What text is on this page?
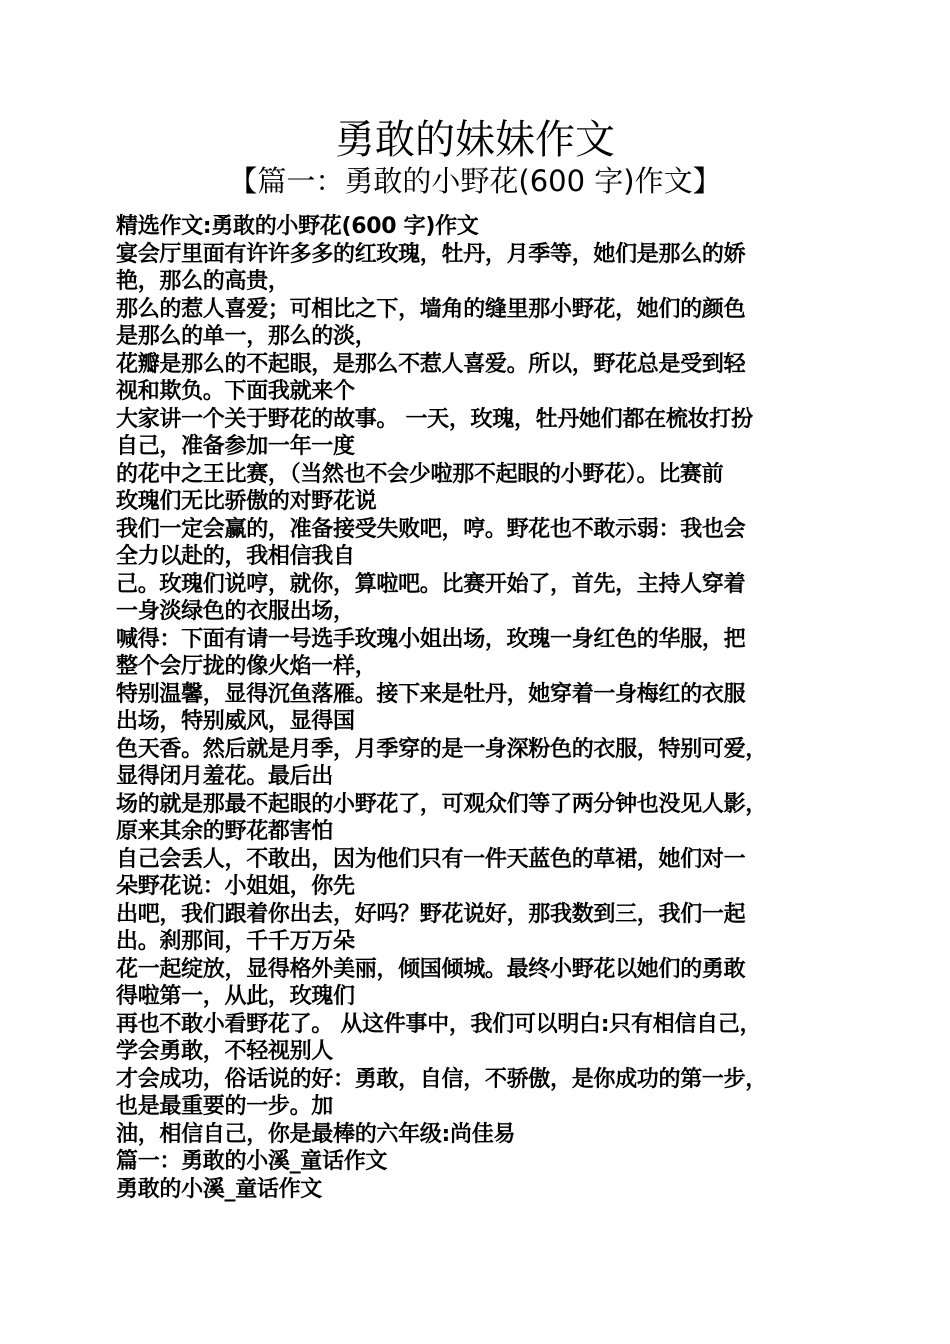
勇敢的妹妹作文
【篇一：勇敢的小野花(600 字)作文】
精选作文:勇敢的小野花(600 字)作文
宴会厅里面有许许多多的红玫瑰，牡丹，月季等，她们是那么的娇
艳，那么的高贵，
那么的惹人喜爱；可相比之下，墙角的缝里那小野花，她们的颜色
是那么的单一，那么的淡，
花瓣是那么的不起眼，是那么不惹人喜爱。所以，野花总是受到轻
视和欺负。下面我就来个
大家讲一个关于野花的故事。 一天，玫瑰，牡丹她们都在梳妆打扮
自己，准备参加一年一度
的花中之王比赛，（当然也不会少啦那不起眼的小野花）。比赛前
玫瑰们无比骄傲的对野花说
我们一定会赢的，准备接受失败吧，哼。野花也不敢示弱：我也会
全力以赴的，我相信我自
己。玫瑰们说哼，就你，算啦吧。比赛开始了，首先，主持人穿着
一身淡绿色的衣服出场，
喊得：下面有请一号选手玫瑰小姐出场，玫瑰一身红色的华服，把
整个会厅拢的像火焰一样，
特别温馨，显得沉鱼落雁。接下来是牡丹，她穿着一身梅红的衣服
出场，特别威风，显得国
色天香。然后就是月季，月季穿的是一身深粉色的衣服，特别可爱，
显得闭月羞花。最后出
场的就是那最不起眼的小野花了，可观众们等了两分钟也没见人影，
原来其余的野花都害怕
自己会丢人，不敢出，因为他们只有一件天蓝色的草裙，她们对一
朵野花说：小姐姐，你先
出吧，我们跟着你出去，好吗？野花说好，那我数到三，我们一起
出。刹那间，千千万万朵
花一起绽放，显得格外美丽，倾国倾城。最终小野花以她们的勇敢
得啦第一，从此，玫瑰们
再也不敢小看野花了。 从这件事中，我们可以明白:只有相信自己，
学会勇敢，不轻视别人
才会成功，俗话说的好：勇敢，自信，不骄傲，是你成功的第一步，
也是最重要的一步。加
油，相信自己，你是最棒的六年级:尚佳易
篇一：勇敢的小溪_童话作文
勇敢的小溪_童话作文
